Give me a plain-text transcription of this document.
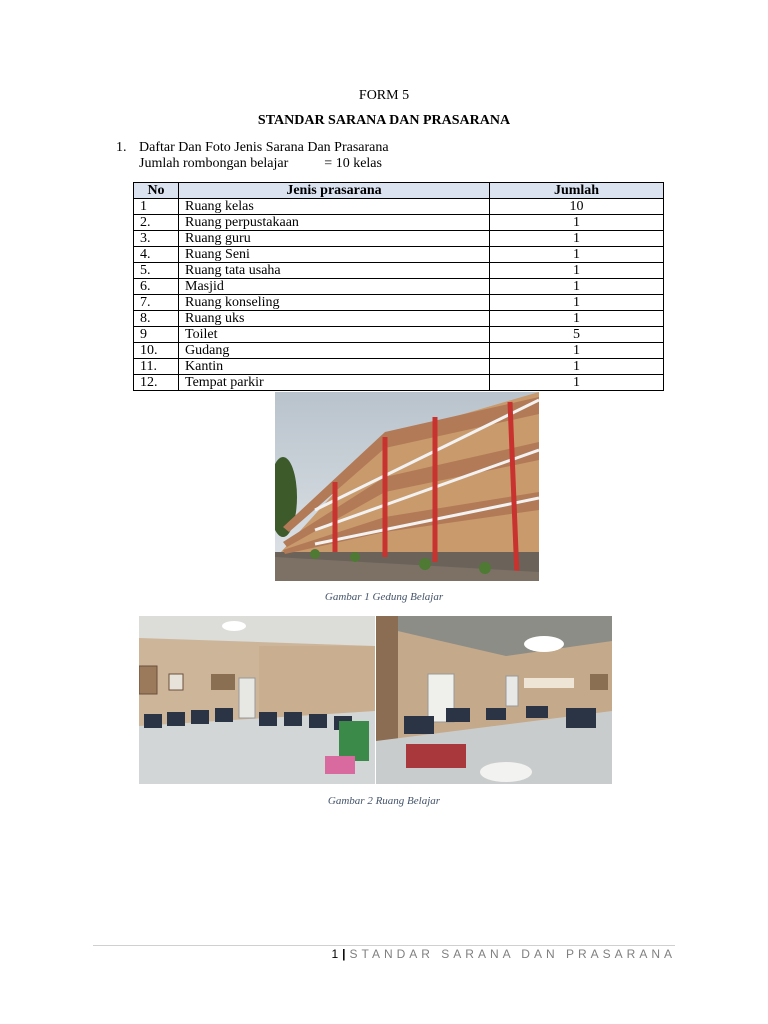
FORM 5
STANDAR SARANA DAN PRASARANA
1. Daftar Dan Foto Jenis Sarana Dan Prasarana
Jumlah rombongan belajar	= 10 kelas
No	Jenis prasarana	Jumlah
1	Ruang kelas	10
2.	Ruang perpustakaan	1
3.	Ruang guru	1
4.	Ruang Seni	1
5.	Ruang tata usaha	1
6.	Masjid	1
7.	Ruang konseling	1
8.	Ruang uks	1
9	Toilet	5
10.	Gudang	1
11.	Kantin	1
12.	Tempat parkir	1
Gambar 1 Gedung Belajar
Gambar 2 Ruang Belajar
1 | STANDAR SARANA DAN PRASARANA
